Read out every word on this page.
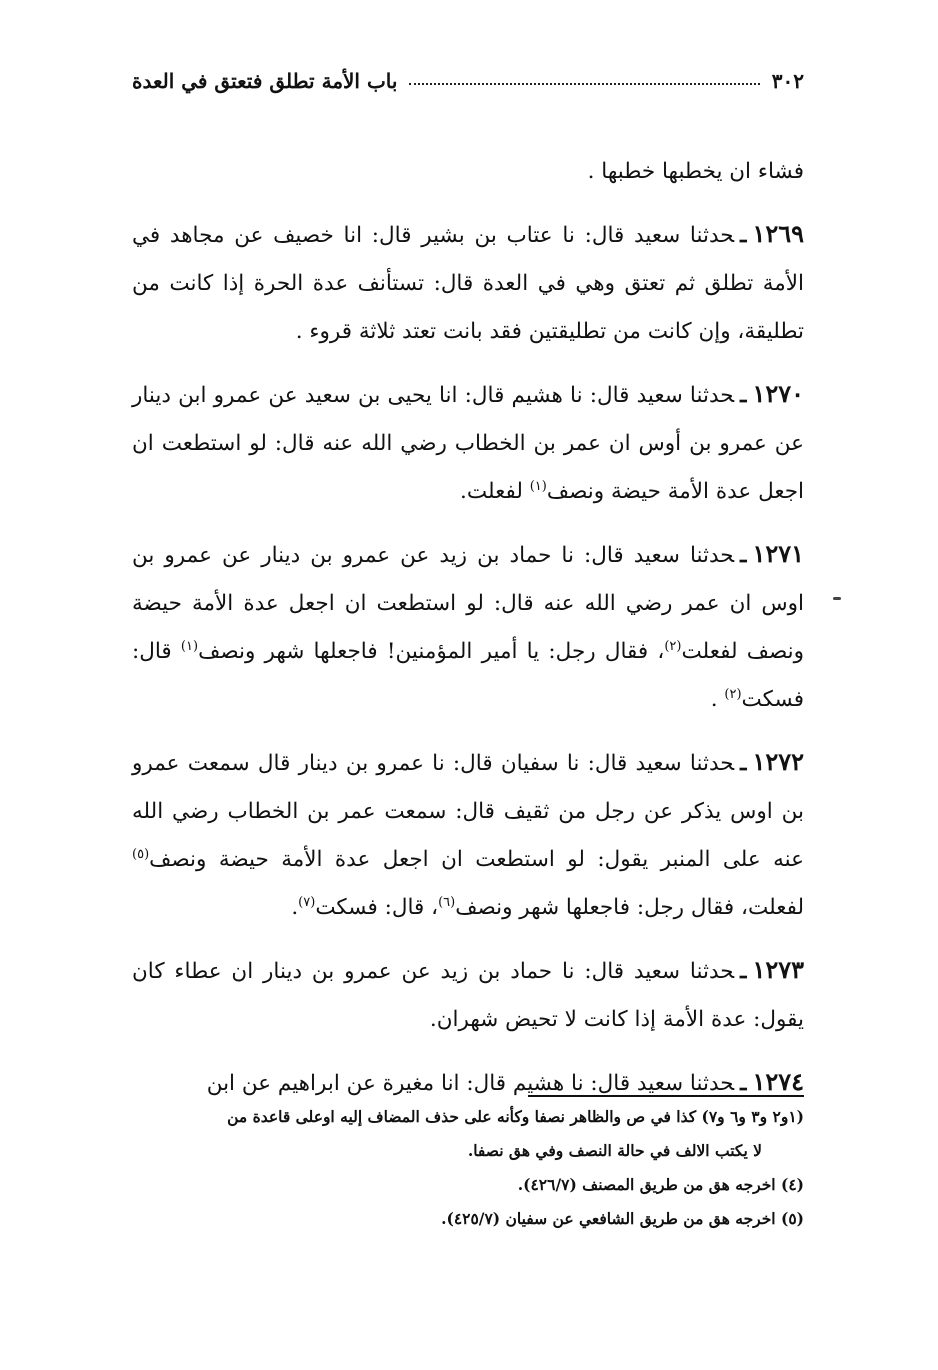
٣٠٢
باب الأمة تطلق فتعتق في العدة

فشاء ان يخطبها خطبها .

١٢٦٩ـحدثنا سعيد قال: نا عتاب بن بشير قال: انا خصيف عن مجاهد في الأمة تطلق ثم تعتق وهي في العدة قال: تستأنف عدة الحرة إذا كانت من تطليقة، وإن كانت من تطليقتين فقد بانت تعتد ثلاثة قروء .

١٢٧٠ـحدثنا سعيد قال: نا هشيم قال: انا يحيى بن سعيد عن عمرو ابن دينار عن عمرو بن أوس ان عمر بن الخطاب رضي الله عنه قال: لو استطعت ان اجعل عدة الأمة حيضة ونصف$^{(١)}$ لفعلت.

١٢٧١ـحدثنا سعيد قال: نا حماد بن زيد عن عمرو بن دينار عن عمرو بن اوس ان عمر رضي الله عنه قال: لو استطعت ان اجعل عدة الأمة حيضة ونصف لفعلت$^{(٢)}$، فقال رجل: يا أمير المؤمنين! فاجعلها شهر ونصف$^{(١)}$ قال: فسكت$^{(٢)}$ .

١٢٧٢ـحدثنا سعيد قال: نا سفيان قال: نا عمرو بن دينار قال سمعت عمرو بن اوس يذكر عن رجل من ثقيف قال: سمعت عمر بن الخطاب رضي الله عنه على المنبر يقول: لو استطعت ان اجعل عدة الأمة حيضة ونصف$^{(٥)}$ لفعلت، فقال رجل: فاجعلها شهر ونصف$^{(٦)}$، قال: فسكت$^{(٧)}$.

١٢٧٣ـحدثنا سعيد قال: نا حماد بن زيد عن عمرو بن دينار ان عطاء كان يقول: عدة الأمة إذا كانت لا تحيض شهران.

١٢٧٤ـحدثنا سعيد قال: نا هشيم قال: انا مغيرة عن ابراهيم عن ابن

(١و٢ و٣ و٦ و٧) كذا في ص والظاهر نصفا وكأنه على حذف المضاف إليه اوعلى قاعدة من

لا يكتب الالف في حالة النصف وفي هق نصفا.

(٤) اخرجه هق من طريق المصنف (٤٢٦/٧).

(٥) اخرجه هق من طريق الشافعي عن سفيان (٤٢٥/٧).
